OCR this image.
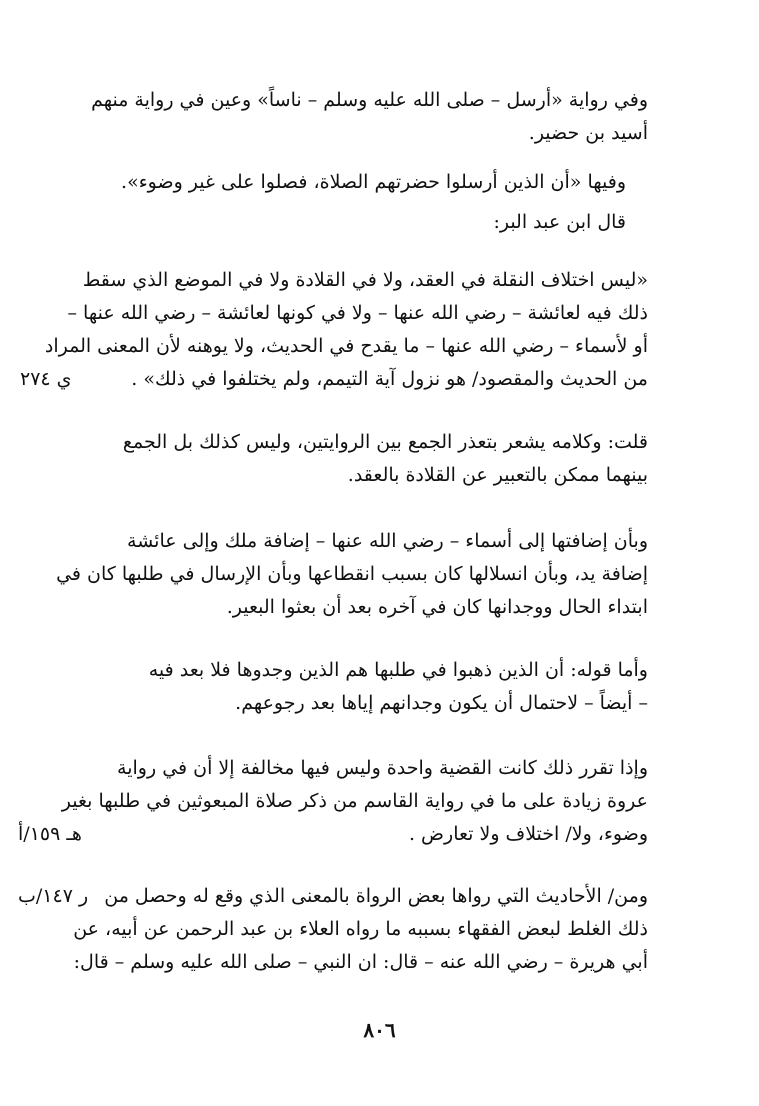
وفي رواية «أرسل – صلى الله عليه وسلم – ناساً» وعين في رواية منهم
أسيد بن حضير.

وفيها «أن الذين أرسلوا حضرتهم الصلاة، فصلوا على غير وضوء».

قال ابن عبد البر:

«ليس اختلاف النقلة في العقد، ولا في القلادة ولا في الموضع الذي سقط
ذلك فيه لعائشة – رضي الله عنها – ولا في كونها لعائشة – رضي الله عنها –
أو لأسماء – رضي الله عنها – ما يقدح في الحديث، ولا يوهنه لأن المعنى المراد
من الحديث والمقصود/ هو نزول آية التيمم، ولم يختلفوا في ذلك» .

قلت: وكلامه يشعر بتعذر الجمع بين الروايتين، وليس كذلك بل الجمع
بينهما ممكن بالتعبير عن القلادة بالعقد.

وبأن إضافتها إلى أسماء – رضي الله عنها – إضافة ملك وإلى عائشة
إضافة يد، وبأن انسلالها كان بسبب انقطاعها وبأن الإرسال في طلبها كان في
ابتداء الحال ووجدانها كان في آخره بعد أن بعثوا البعير.

وأما قوله: أن الذين ذهبوا في طلبها هم الذين وجدوها فلا بعد فيه
– أيضاً – لاحتمال أن يكون وجدانهم إياها بعد رجوعهم.

وإذا تقرر ذلك كانت القضية واحدة وليس فيها مخالفة إلا أن في رواية
عروة زيادة على ما في رواية القاسم من ذكر صلاة المبعوثين في طلبها بغير
وضوء، ولا/ اختلاف ولا تعارض .

ومن/ الأحاديث التي رواها بعض الرواة بالمعنى الذي وقع له وحصل من
ذلك الغلط لبعض الفقهاء بسببه ما رواه العلاء بن عبد الرحمن عن أبيه، عن
أبي هريرة – رضي الله عنه – قال: ان النبي – صلى الله عليه وسلم – قال:

ي ٢٧٤
هـ ١٥٩/أ
ر ١٤٧/ب
٨٠٦
